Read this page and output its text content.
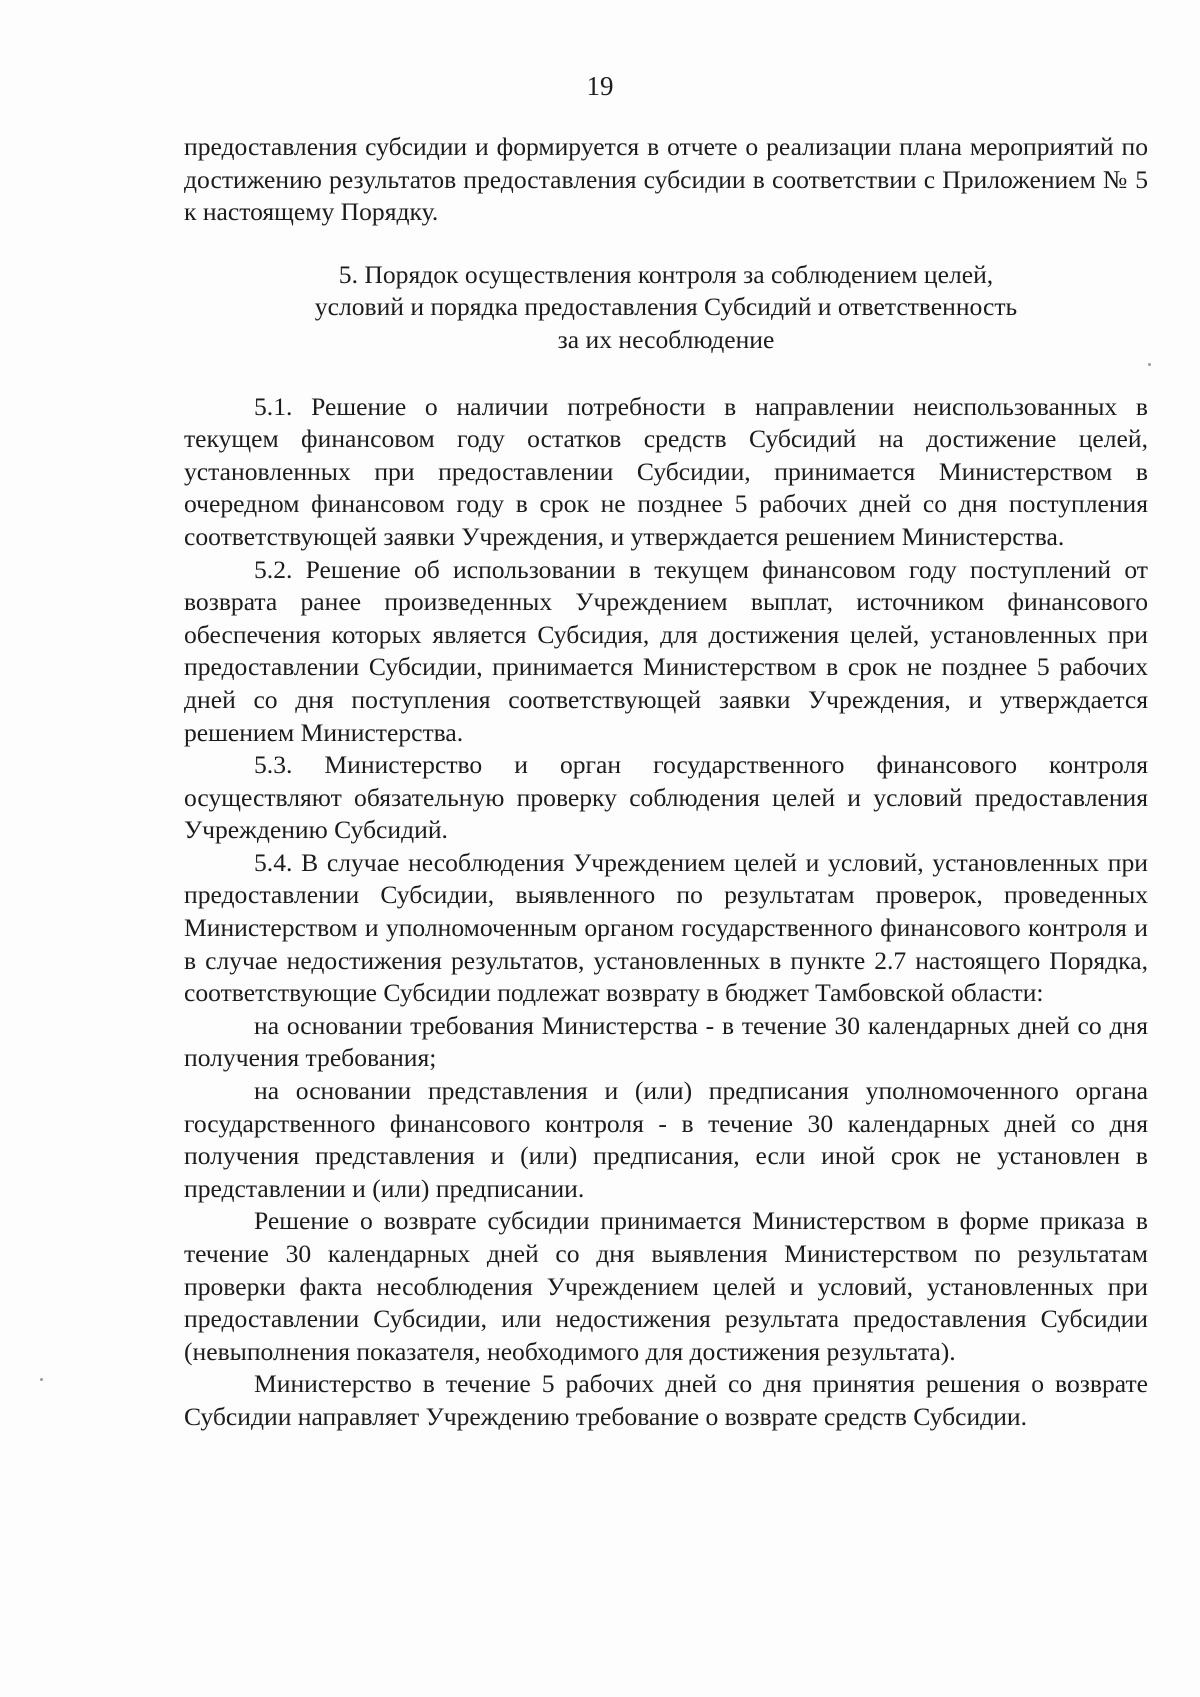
19

предоставления субсидии и формируется в отчете о реализации плана мероприятий по достижению результатов предоставления субсидии в соответствии с Приложением № 5 к настоящему Порядку.

5. Порядок осуществления контроля за соблюдением целей,
условий и порядка предоставления Субсидий и ответственность
за их несоблюдение

5.1. Решение о наличии потребности в направлении неиспользованных в текущем финансовом году остатков средств Субсидий на достижение целей, установленных при предоставлении Субсидии, принимается Министерством в очередном финансовом году в срок не позднее 5 рабочих дней со дня поступления соответствующей заявки Учреждения, и утверждается решением Министерства.

5.2. Решение об использовании в текущем финансовом году поступлений от возврата ранее произведенных Учреждением выплат, источником финансового обеспечения которых является Субсидия, для достижения целей, установленных при предоставлении Субсидии, принимается Министерством в срок не позднее 5 рабочих дней со дня поступления соответствующей заявки Учреждения, и утверждается решением Министерства.

5.3. Министерство и орган государственного финансового контроля осуществляют обязательную проверку соблюдения целей и условий предоставления Учреждению Субсидий.

5.4. В случае несоблюдения Учреждением целей и условий, установленных при предоставлении Субсидии, выявленного по результатам проверок, проведенных Министерством и уполномоченным органом государственного финансового контроля и в случае недостижения результатов, установленных в пункте 2.7 настоящего Порядка, соответствующие Субсидии подлежат возврату в бюджет Тамбовской области:

на основании требования Министерства - в течение 30 календарных дней со дня получения требования;

на основании представления и (или) предписания уполномоченного органа государственного финансового контроля - в течение 30 календарных дней со дня получения представления и (или) предписания, если иной срок не установлен в представлении и (или) предписании.

Решение о возврате субсидии принимается Министерством в форме приказа в течение 30 календарных дней со дня выявления Министерством по результатам проверки факта несоблюдения Учреждением целей и условий, установленных при предоставлении Субсидии, или недостижения результата предоставления Субсидии (невыполнения показателя, необходимого для достижения результата).

Министерство в течение 5 рабочих дней со дня принятия решения о возврате Субсидии направляет Учреждению требование о возврате средств Субсидии.
